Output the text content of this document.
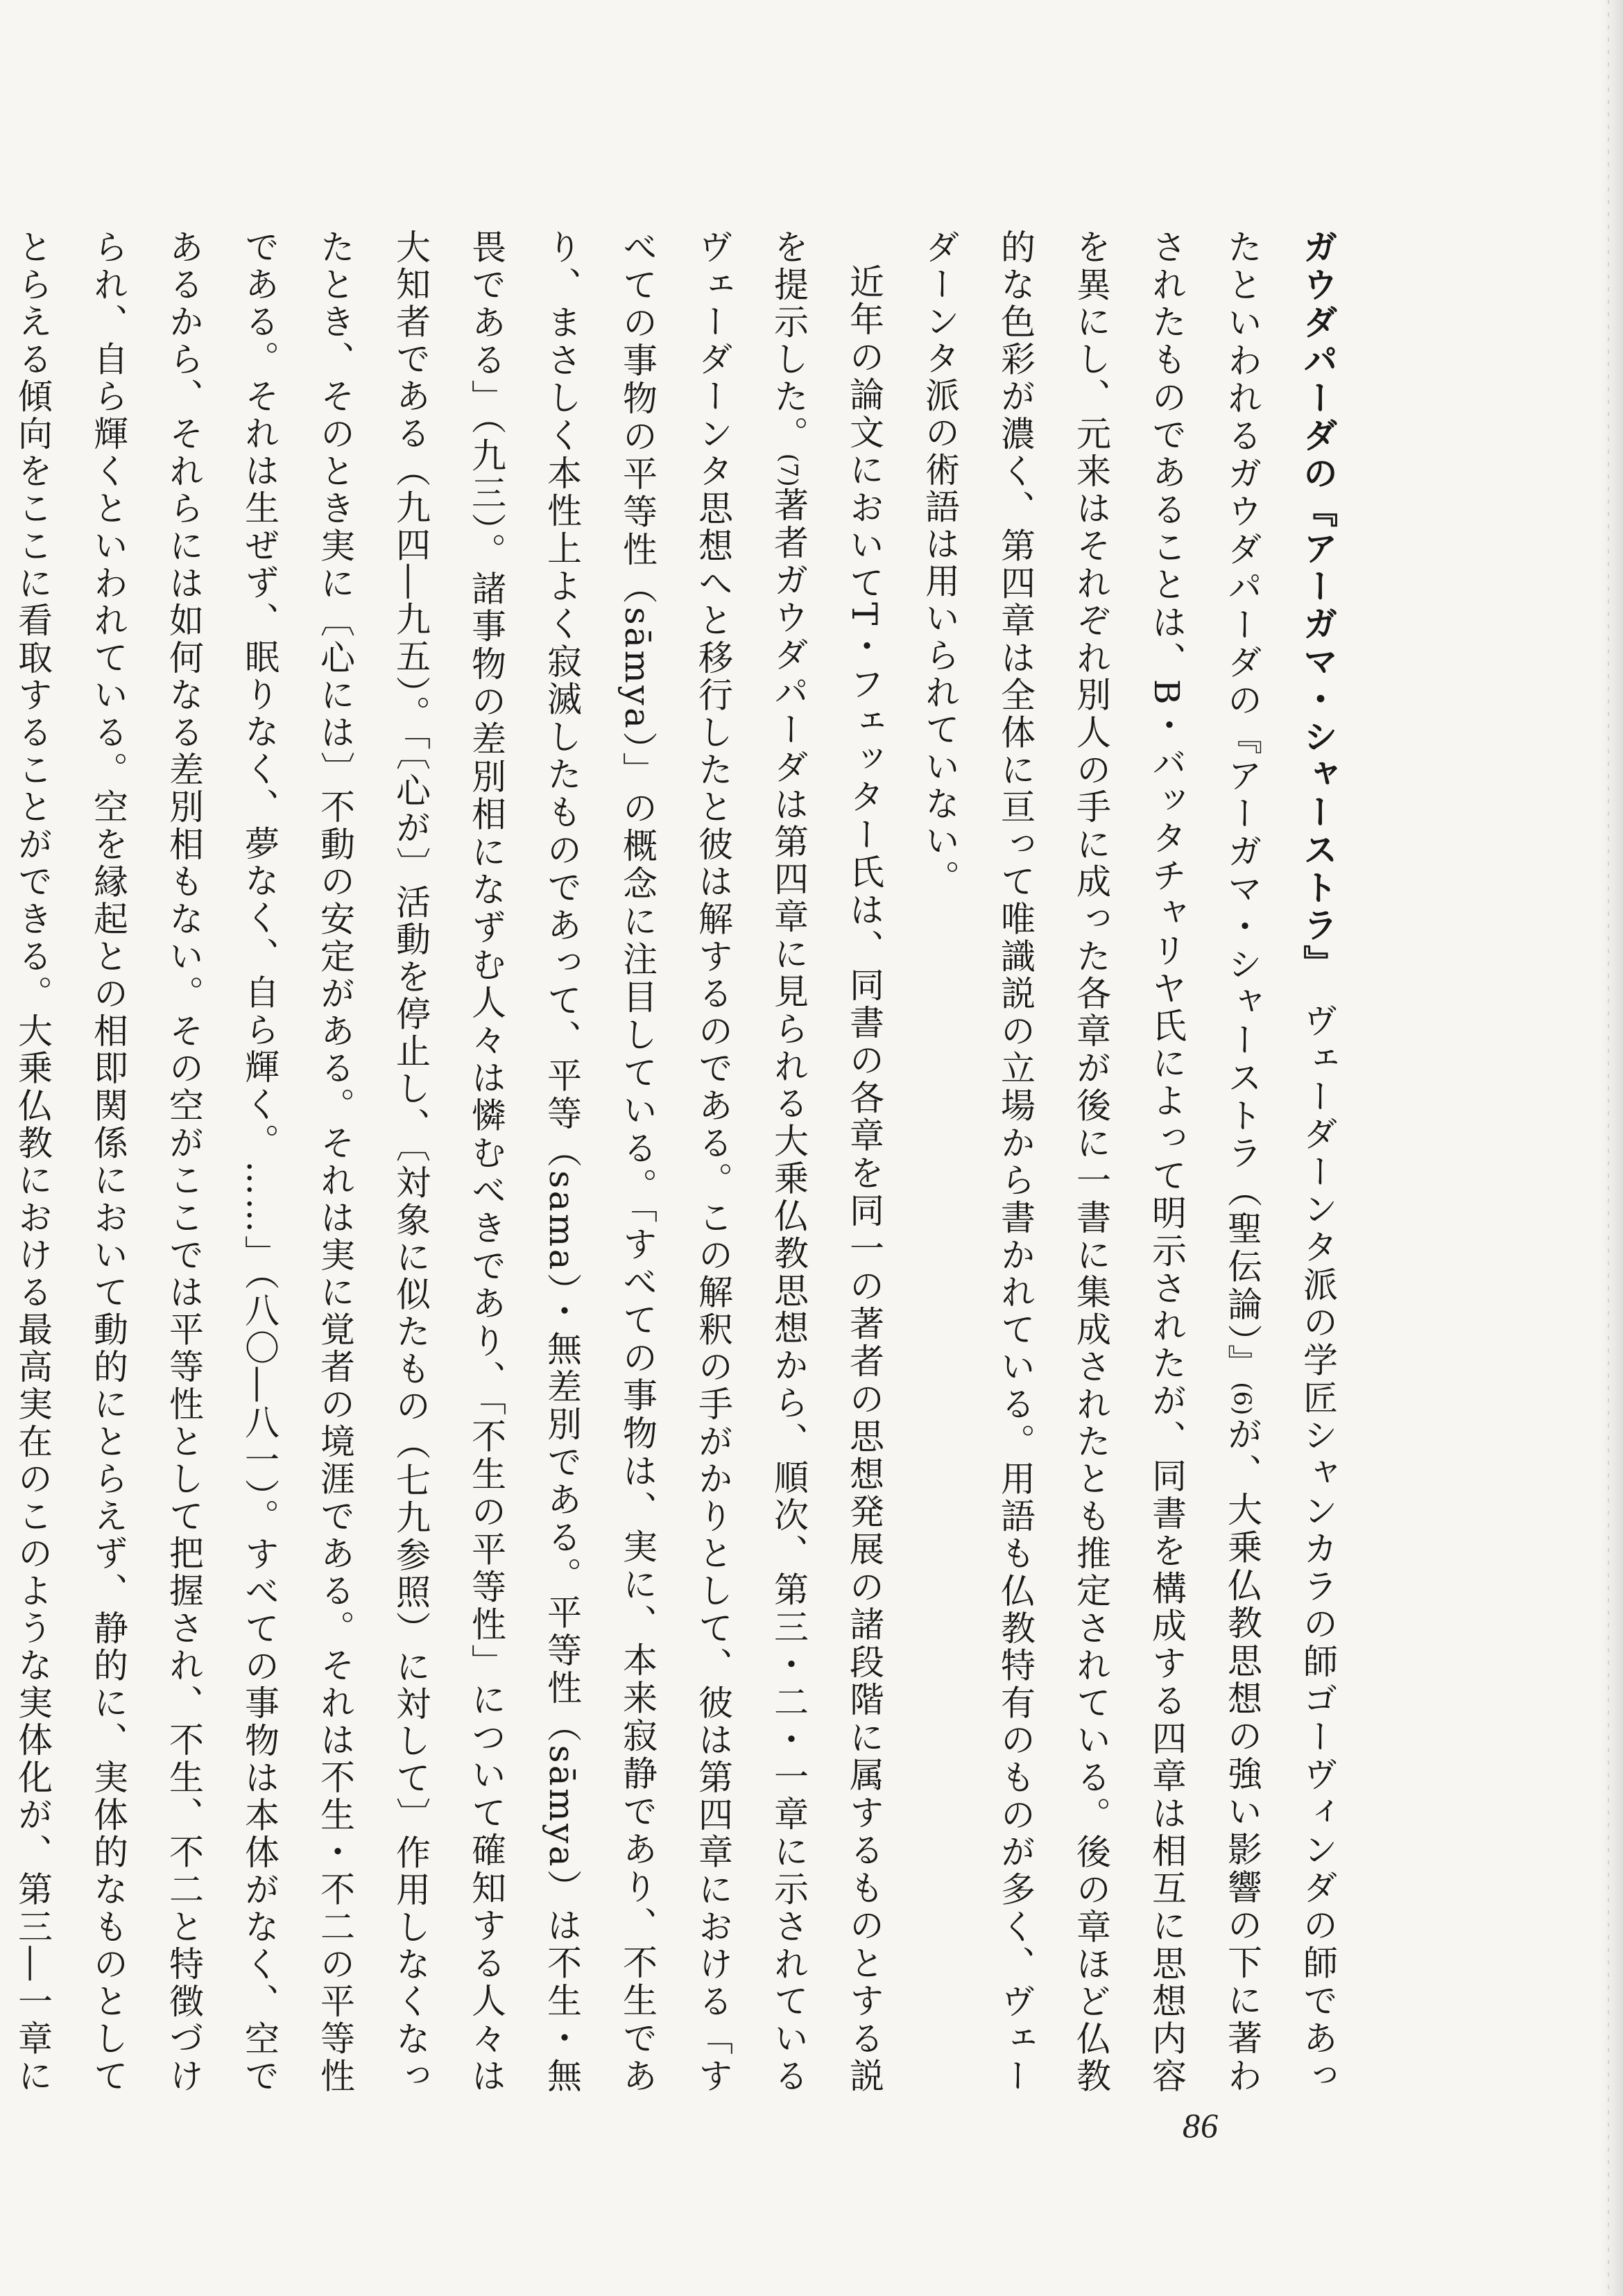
ガウダパーダの『アーガマ・シャーストラ』　ヴェーダーンタ派の学匠シャンカラの師ゴーヴィンダの師であったといわれるガウダパーダの『アーガマ・シャーストラ（聖伝論）』(6)が、大乗仏教思想の強い影響の下に著わされたものであることは、B・バッタチャリヤ氏によって明示されたが、同書を構成する四章は相互に思想内容を異にし、元来はそれぞれ別人の手に成った各章が後に一書に集成されたとも推定されている。後の章ほど仏教的な色彩が濃く、第四章は全体に亘って唯識説の立場から書かれている。用語も仏教特有のものが多く、ヴェーダーンタ派の術語は用いられていない。

近年の論文においてT・フェッター氏は、同書の各章を同一の著者の思想発展の諸段階に属するものとする説を提示した。(7)著者ガウダパーダは第四章に見られる大乗仏教思想から、順次、第三・二・一章に示されているヴェーダーンタ思想へと移行したと彼は解するのである。この解釈の手がかりとして、彼は第四章における「すべての事物の平等性（sāmya）」の概念に注目している。「すべての事物は、実に、本来寂静であり、不生であり、まさしく本性上よく寂滅したものであって、平等（sama）・無差別である。平等性（sāmya）は不生・無畏である」（九三）。諸事物の差別相になずむ人々は憐むべきであり、「不生の平等性」について確知する人々は大知者である（九四―九五）。「〔心が〕活動を停止し、〔対象に似たもの（七九参照）に対して〕作用しなくなったとき、そのとき実に〔心には〕不動の安定がある。それは実に覚者の境涯である。それは不生・不二の平等性である。それは生ぜず、眠りなく、夢なく、自ら輝く。……」（八〇―八一）。すべての事物は本体がなく、空であるから、それらには如何なる差別相もない。その空がここでは平等性として把握され、不生、不二と特徴づけられ、自ら輝くといわれている。空を縁起との相即関係において動的にとらえず、静的に、実体的なものとしてとらえる傾向をここに看取することができる。大乗仏教における最高実在のこのような実体化が、第三―一章に

86
